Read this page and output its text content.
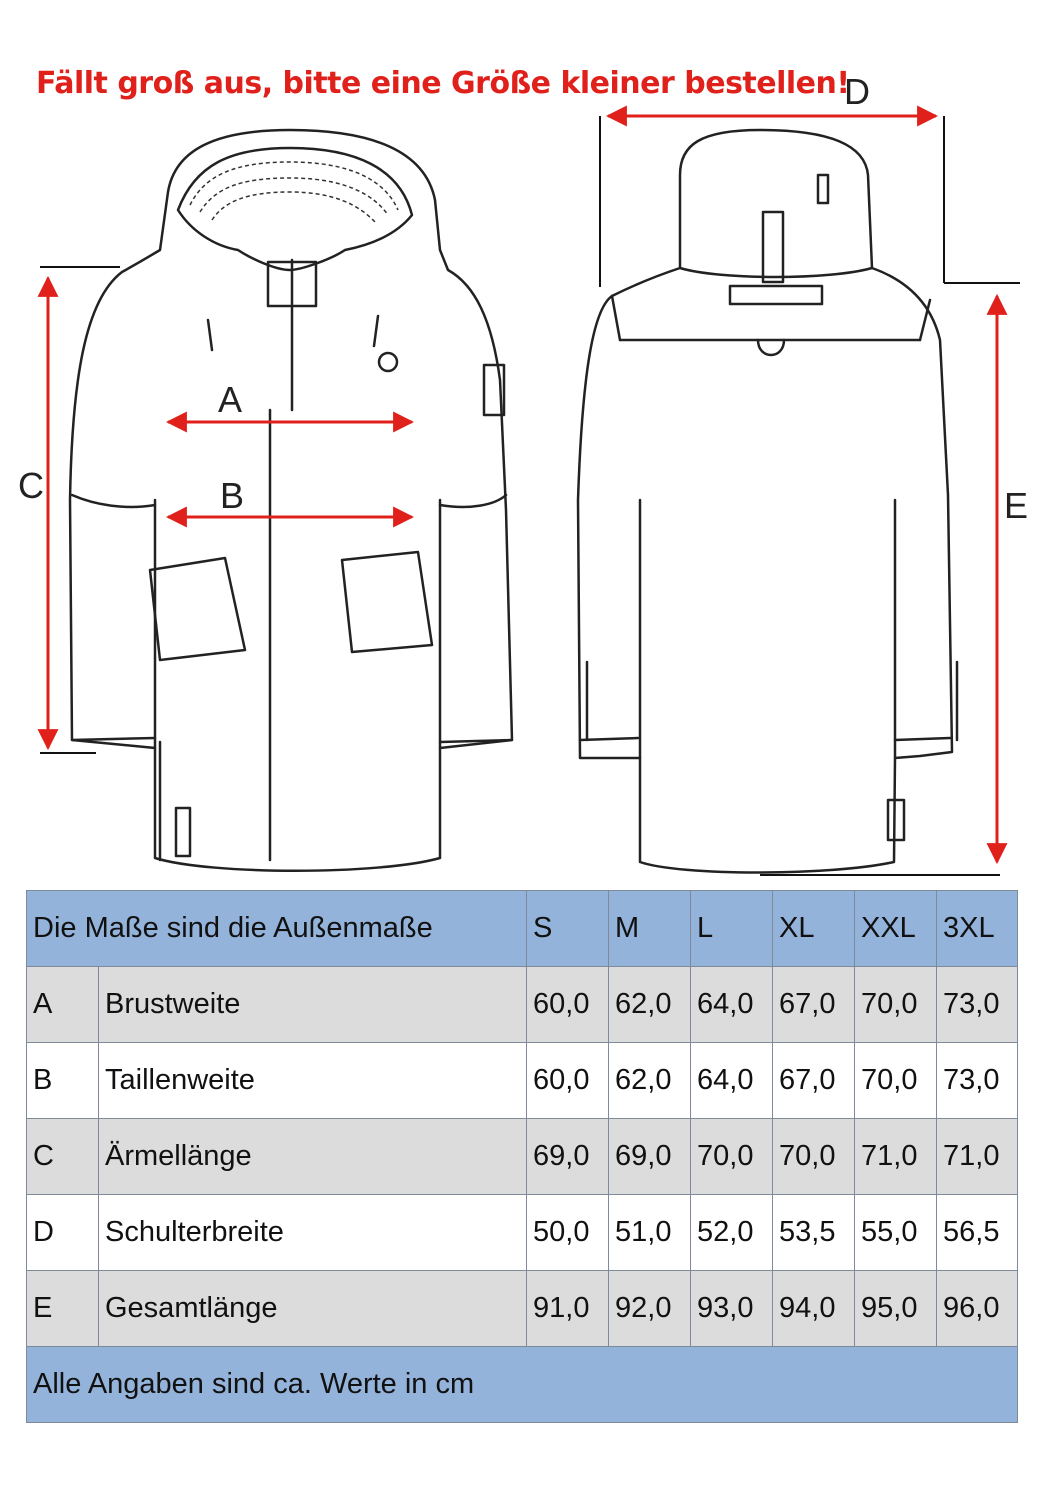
Fällt groß aus, bitte eine Größe kleiner bestellen!

A
B
C
D
E
Die Maße sind die Außenmaße		S	M	L	XL	XXL	3XL
A	Brustweite	60,0	62,0	64,0	67,0	70,0	73,0
B	Taillenweite	60,0	62,0	64,0	67,0	70,0	73,0
C	Ärmellänge	69,0	69,0	70,0	70,0	71,0	71,0
D	Schulterbreite	50,0	51,0	52,0	53,5	55,0	56,5
E	Gesamtlänge	91,0	92,0	93,0	94,0	95,0	96,0
Alle Angaben sind ca. Werte in cm							
